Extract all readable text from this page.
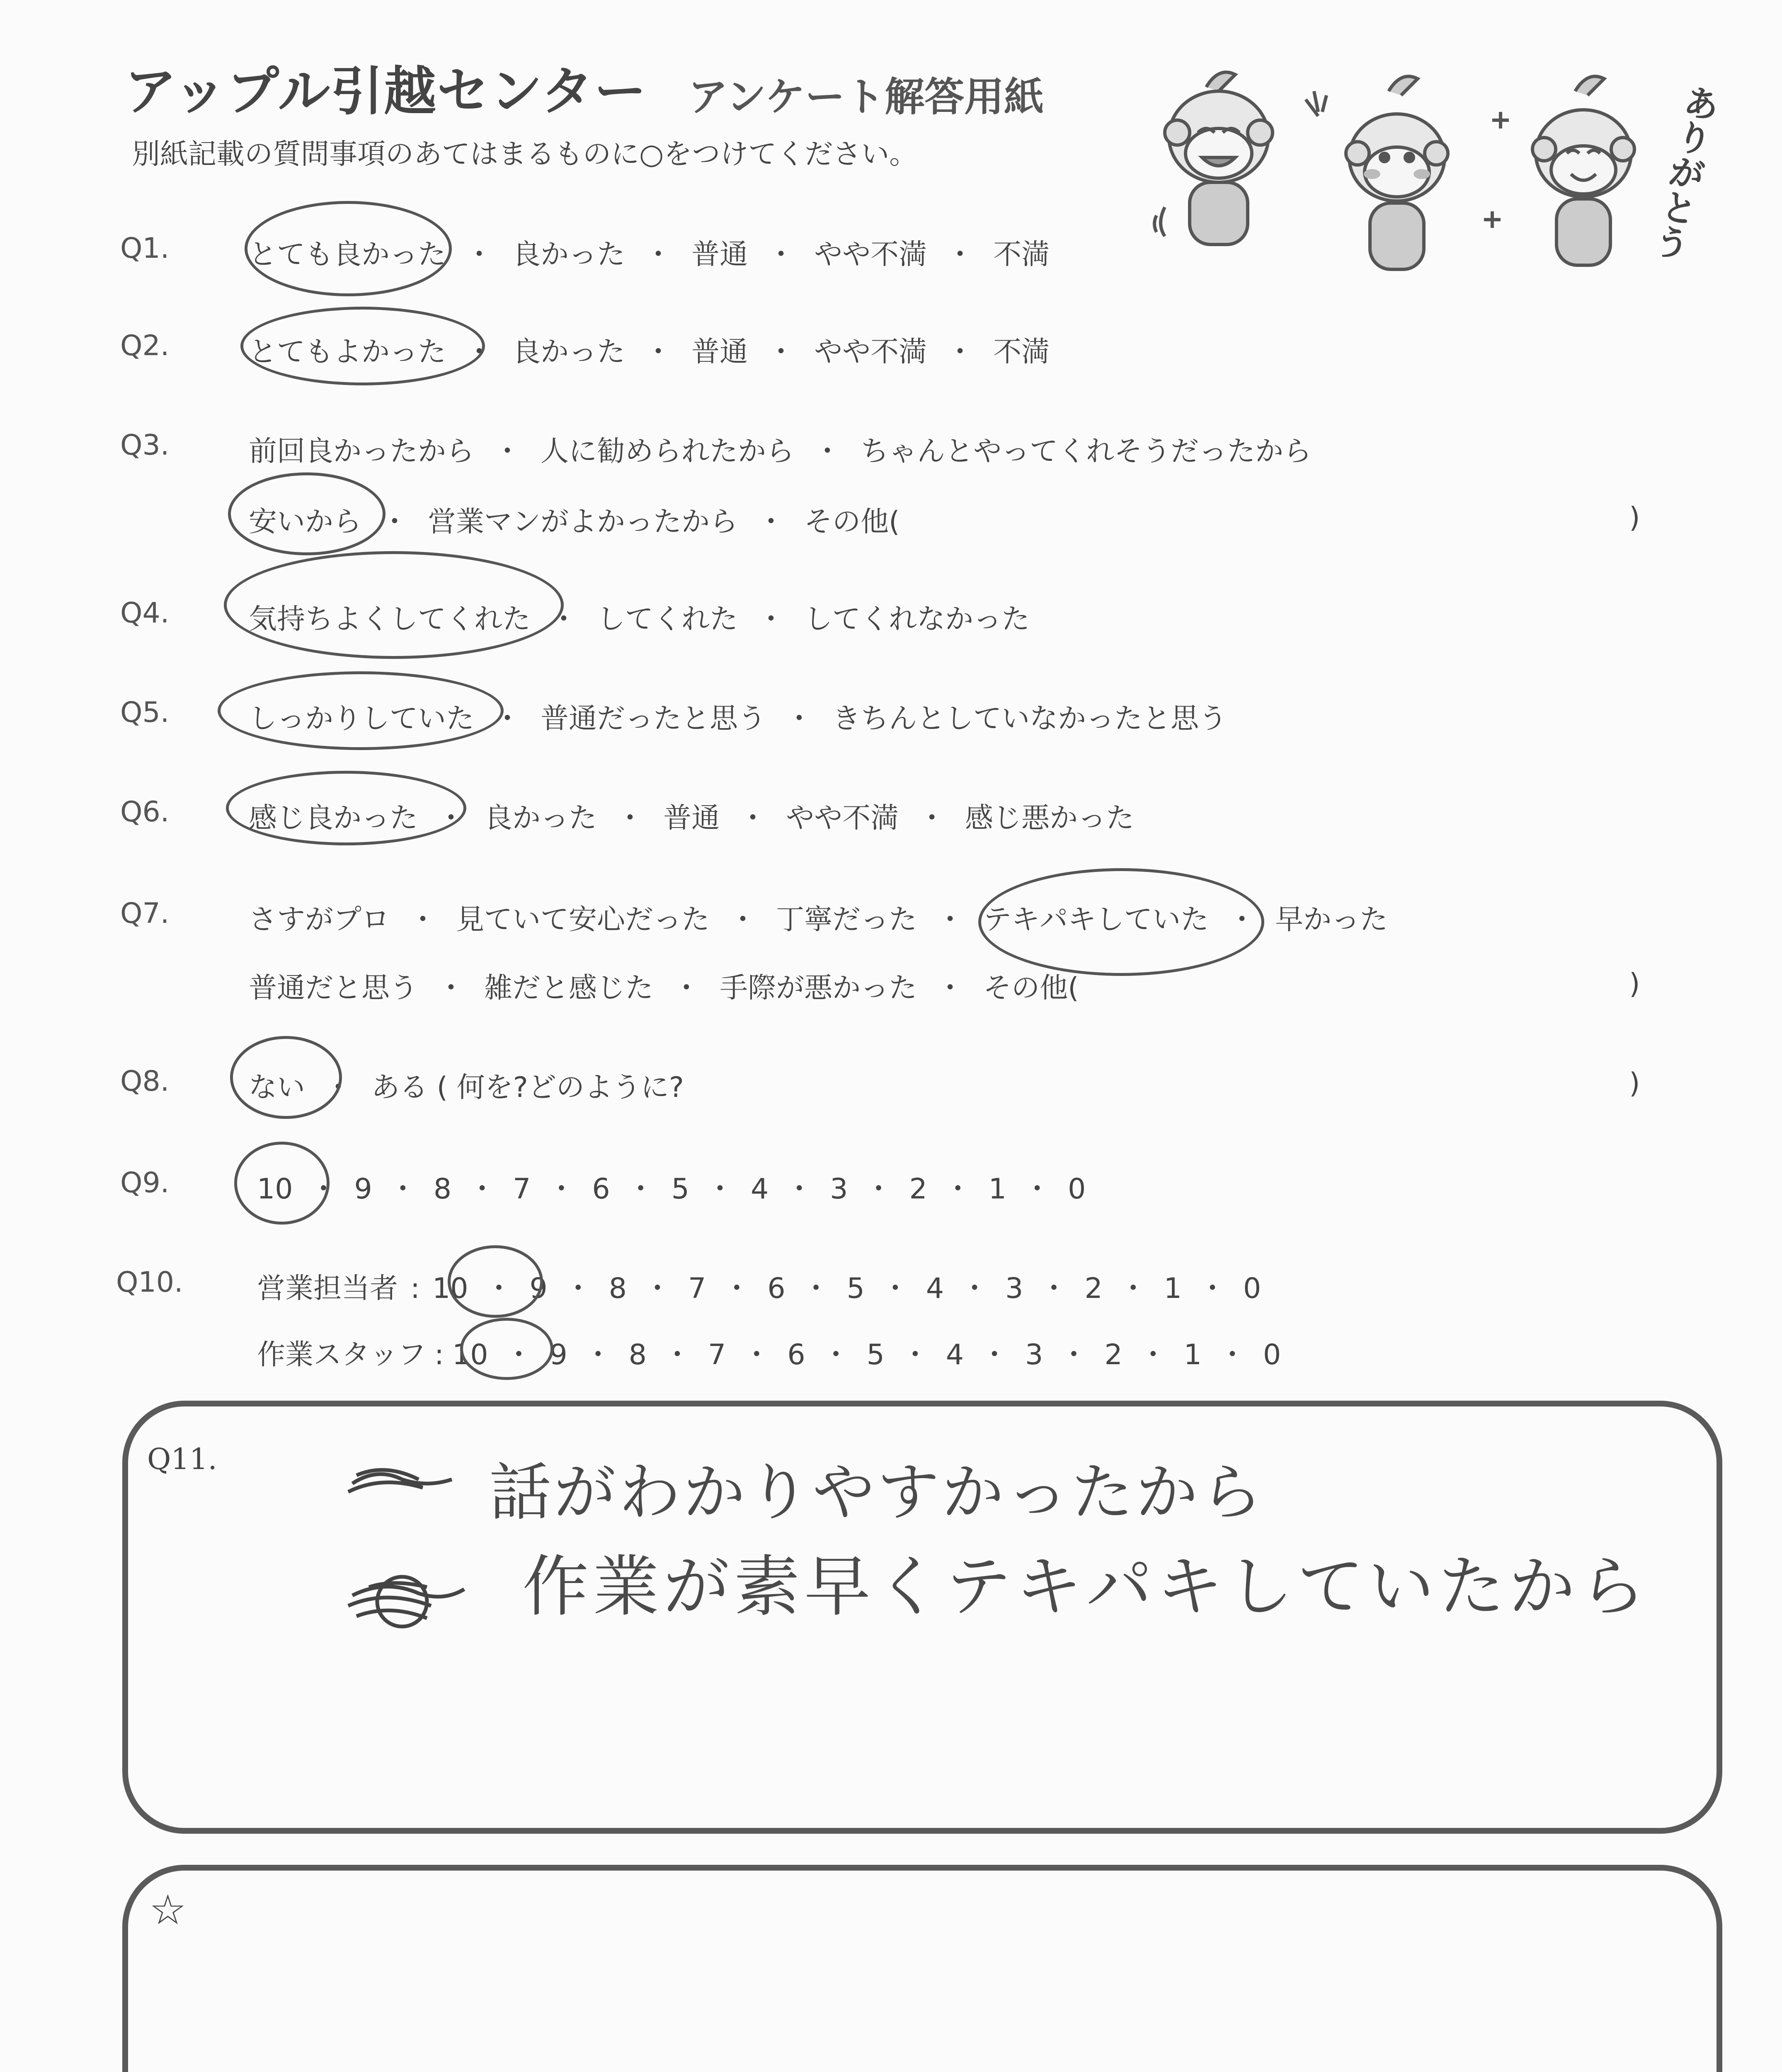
アップル引越センター アンケート解答用紙
別紙記載の質問事項のあてはまるものに○をつけてください。	ありがとう
Q1.	とても良かった ・ 良かった ・ 普通 ・ やや不満 ・ 不満
Q2.	とてもよかった ・ 良かった ・ 普通 ・ やや不満 ・ 不満
Q3.	前回良かったから ・ 人に勧められたから ・ ちゃんとやってくれそうだったから
安いから ・ 営業マンがよかったから ・ その他(	)
Q4.	気持ちよくしてくれた ・ してくれた ・ してくれなかった
Q5.	しっかりしていた ・ 普通だったと思う ・ きちんとしていなかったと思う
Q6.	感じ良かった ・ 良かった ・ 普通 ・ やや不満 ・ 感じ悪かった
Q7.	さすがプロ ・ 見ていて安心だった ・ 丁寧だった ・ テキパキしていた ・ 早かった
普通だと思う ・ 雑だと感じた ・ 手際が悪かった ・ その他(	)
Q8.	ない ・ ある ( 何を?どのように?	)
Q9.	10 ・ 9 ・ 8 ・ 7 ・ 6 ・ 5 ・ 4 ・ 3 ・ 2 ・ 1 ・ 0
Q10.	営業担当者 : 10 ・ 9 ・ 8 ・ 7 ・ 6 ・ 5 ・ 4 ・ 3 ・ 2 ・ 1 ・ 0
作業スタッフ : 10 ・ 9 ・ 8 ・ 7 ・ 6 ・ 5 ・ 4 ・ 3 ・ 2 ・ 1 ・ 0
Q11.	話がわかりやすかったから
作業が素早くテキパキしていたから
☆
